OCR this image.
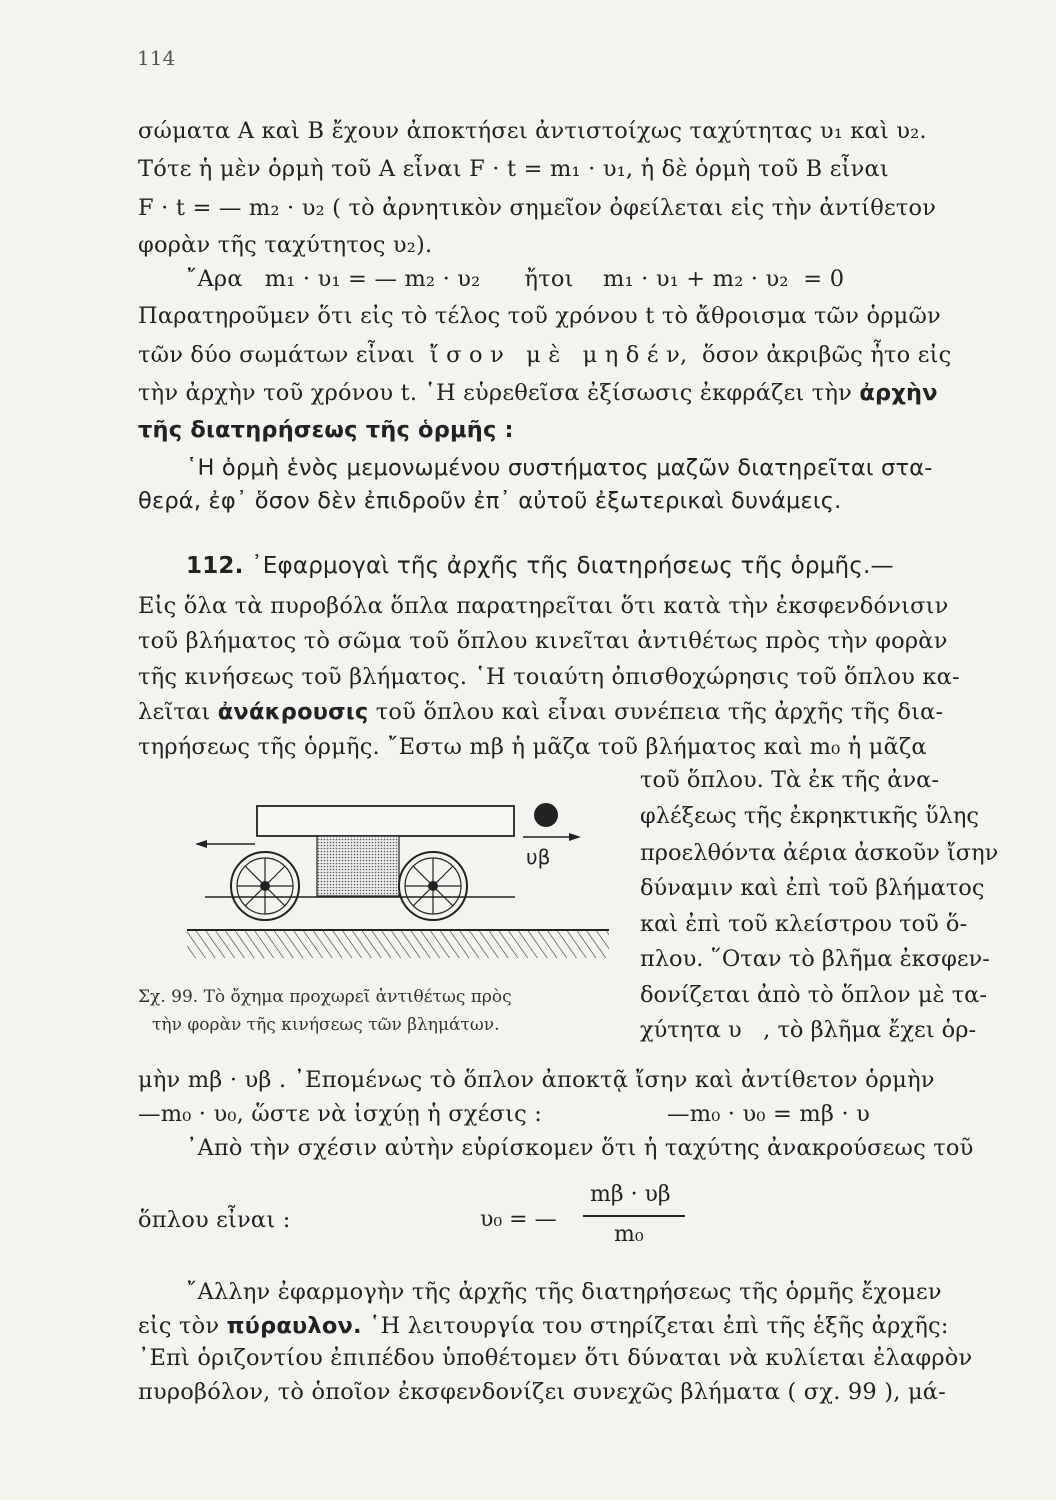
114
σώματα A καὶ B ἔχουν ἀποκτήσει ἀντιστοίχως ταχύτητας υ₁ καὶ υ₂.
Τότε ἡ μὲν ὁρμὴ τοῦ A εἶναι F · t = m₁ · υ₁, ἡ δὲ ὁρμὴ τοῦ B εἶναι
F · t = — m₂ · υ₂ ( τὸ ἀρνητικὸν σημεῖον ὀφείλεται εἰς τὴν ἀντίθετον
φορὰν τῆς ταχύτητος υ₂).
῎Αρα   m₁ · υ₁ = — m₂ · υ₂      ἤτοι    m₁ · υ₁ + m₂ · υ₂  = 0
Παρατηροῦμεν ὅτι εἰς τὸ τέλος τοῦ χρόνου t τὸ ἄθροισμα τῶν ὁρμῶν
τῶν δύο σωμάτων εἶναι  ἴ σ ο ν   μ ὲ   μ η δ έ ν,  ὅσον ἀκριβῶς ἦτο εἰς
τὴν ἀρχὴν τοῦ χρόνου t. ῾Η εὑρεθεῖσα ἐξίσωσις ἐκφράζει τὴν ἀρχὴν
τῆς διατηρήσεως τῆς ὁρμῆς :
῾Η ὁρμὴ ἑνὸς μεμονωμένου συστήματος μαζῶν διατηρεῖται στα-
θερά, ἐφ᾽ ὅσον δὲν ἐπιδροῦν ἐπ᾽ αὐτοῦ ἐξωτερικαὶ δυνάμεις.
112. ᾽Εφαρμογαὶ τῆς ἀρχῆς τῆς διατηρήσεως τῆς ὁρμῆς.—
Εἰς ὅλα τὰ πυροβόλα ὅπλα παρατηρεῖται ὅτι κατὰ τὴν ἐκσφενδόνισιν
τοῦ βλήματος τὸ σῶμα τοῦ ὅπλου κινεῖται ἀντιθέτως πρὸς τὴν φορὰν
τῆς κινήσεως τοῦ βλήματος. ῾Η τοιαύτη ὀπισθοχώρησις τοῦ ὅπλου κα-
λεῖται ἀνάκρουσις τοῦ ὅπλου καὶ εἶναι συνέπεια τῆς ἀρχῆς τῆς δια-
τηρήσεως τῆς ὁρμῆς. ῎Εστω mβ ἡ μᾶζα τοῦ βλήματος καὶ m₀ ἡ μᾶζα
τοῦ ὅπλου. Τὰ ἐκ τῆς ἀνα-
φλέξεως τῆς ἐκρηκτικῆς ὕλης
προελθόντα ἀέρια ἀσκοῦν ἴσην
δύναμιν καὶ ἐπὶ τοῦ βλήματος
καὶ ἐπὶ τοῦ κλείστρου τοῦ ὅ-
πλου. ῞Οταν τὸ βλῆμα ἐκσφεν-
δονίζεται ἀπὸ τὸ ὅπλον μὲ τα-
χύτητα υ   , τὸ βλῆμα ἔχει ὁρ-
υβ
Σχ. 99. Τὸ ὄχημα προχωρεῖ ἀντιθέτως πρὸς
τὴν φορὰν τῆς κινήσεως τῶν βλημάτων.
μὴν mβ · υβ . ᾽Επομένως τὸ ὅπλον ἀποκτᾷ ἴσην καὶ ἀντίθετον ὁρμὴν
—m₀ · υ₀, ὥστε νὰ ἰσχύῃ ἡ σχέσις :	—m₀ · υ₀ = mβ · υ
᾽Απὸ τὴν σχέσιν αὐτὴν εὑρίσκομεν ὅτι ἡ ταχύτης ἀνακρούσεως τοῦ
ὅπλου εἶναι :	υ₀ = —
mβ · υβ
m₀
῎Αλλην ἐφαρμογὴν τῆς ἀρχῆς τῆς διατηρήσεως τῆς ὁρμῆς ἔχομεν
εἰς τὸν πύραυλον. ῾Η λειτουργία του στηρίζεται ἐπὶ τῆς ἑξῆς ἀρχῆς:
᾽Επὶ ὁριζοντίου ἐπιπέδου ὑποθέτομεν ὅτι δύναται νὰ κυλίεται ἐλαφρὸν
πυροβόλον, τὸ ὁποῖον ἐκσφενδονίζει συνεχῶς βλήματα ( σχ. 99 ), μά-
